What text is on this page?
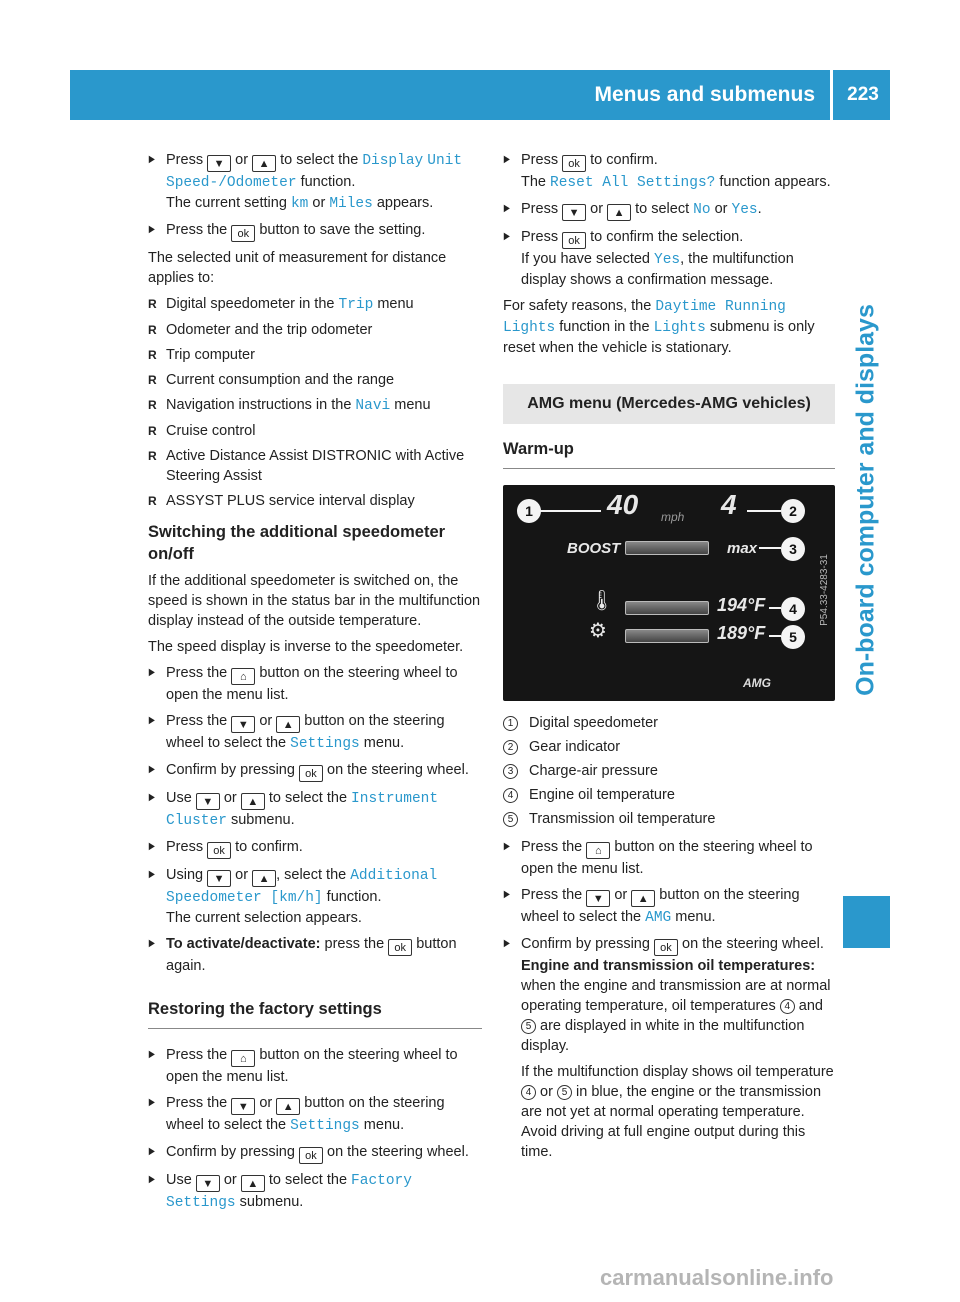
Menus and submenus	223
On-board computer and displays
▶ Press ▼ or ▲ to select the Display Unit Speed-/Odometer function.
The current setting km or Miles appears.
▶ Press the ok button to save the setting.
The selected unit of measurement for distance applies to:
R Digital speedometer in the Trip menu
R Odometer and the trip odometer
R Trip computer
R Current consumption and the range
R Navigation instructions in the Navi menu
R Cruise control
R Active Distance Assist DISTRONIC with Active Steering Assist
R ASSYST PLUS service interval display
Switching the additional speedometer on/off
If the additional speedometer is switched on, the speed is shown in the status bar in the multifunction display instead of the outside temperature.
The speed display is inverse to the speedometer.
▶ Press the ⌂ button on the steering wheel to open the menu list.
▶ Press the ▼ or ▲ button on the steering wheel to select the Settings menu.
▶ Confirm by pressing ok on the steering wheel.
▶ Use ▼ or ▲ to select the Instrument Cluster submenu.
▶ Press ok to confirm.
▶ Using ▼ or ▲ , select the Additional Speedometer [km/h] function.
The current selection appears.
▶ To activate/deactivate: press the ok button again.
Restoring the factory settings
▶ Press the ⌂ button on the steering wheel to open the menu list.
▶ Press the ▼ or ▲ button on the steering wheel to select the Settings menu.
▶ Confirm by pressing ok on the steering wheel.
▶ Use ▼ or ▲ to select the Factory Settings submenu.
▶ Press ok to confirm.
The Reset All Settings? function appears.
▶ Press ▼ or ▲ to select No or Yes.
▶ Press ok to confirm the selection.
If you have selected Yes, the multifunction display shows a confirmation message.
For safety reasons, the Daytime Running Lights function in the Lights submenu is only reset when the vehicle is stationary.
AMG menu (Mercedes-AMG vehicles)
Warm-up
40 mph 4
BOOST	max
🌡	194°F
⚙	189°F
AMG
1	2
3
4
5
P54.33-4283-31
1	Digital speedometer
2	Gear indicator
3	Charge-air pressure
4	Engine oil temperature
5	Transmission oil temperature
▶ Press the ⌂ button on the steering wheel to open the menu list.
▶ Press the ▼ or ▲ button on the steering wheel to select the AMG menu.
▶ Confirm by pressing ok on the steering wheel.
Engine and transmission oil temperatures: when the engine and transmission are at normal operating temperature, oil temperatures 4 and 5 are displayed in white in the multifunction display.
If the multifunction display shows oil temperature 4 or 5 in blue, the engine or the transmission are not yet at normal operating temperature. Avoid driving at full engine output during this time.
carmanualsonline.info
